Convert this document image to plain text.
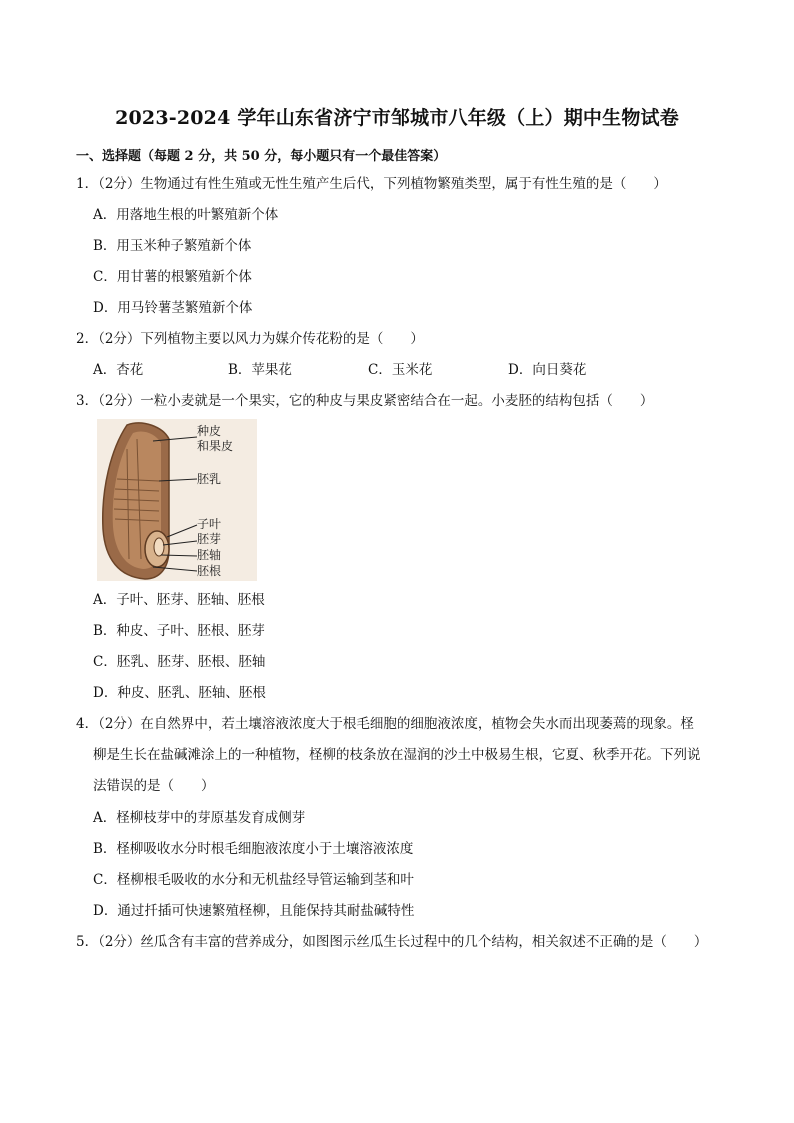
2023-2024 学年山东省济宁市邹城市八年级（上）期中生物试卷
一、选择题（每题 2 分，共 50 分，每小题只有一个最佳答案）
1．（2分）生物通过有性生殖或无性生殖产生后代，下列植物繁殖类型，属于有性生殖的是（　　）
A．用落地生根的叶繁殖新个体
B．用玉米种子繁殖新个体
C．用甘薯的根繁殖新个体
D．用马铃薯茎繁殖新个体
2．（2分）下列植物主要以风力为媒介传花粉的是（　　）
A．杏花	B．苹果花	C．玉米花	D．向日葵花
3．（2分）一粒小麦就是一个果实，它的种皮与果皮紧密结合在一起。小麦胚的结构包括（　　）
种皮
和果皮
胚乳
子叶
胚芽
胚轴
胚根
A．子叶、胚芽、胚轴、胚根
B．种皮、子叶、胚根、胚芽
C．胚乳、胚芽、胚根、胚轴
D．种皮、胚乳、胚轴、胚根
4．（2分）在自然界中，若土壤溶液浓度大于根毛细胞的细胞液浓度，植物会失水而出现萎蔫的现象。柽
柳是生长在盐碱滩涂上的一种植物，柽柳的枝条放在湿润的沙土中极易生根，它夏、秋季开花。下列说
法错误的是（　　）
A．柽柳枝芽中的芽原基发育成侧芽
B．柽柳吸收水分时根毛细胞液浓度小于土壤溶液浓度
C．柽柳根毛吸收的水分和无机盐经导管运输到茎和叶
D．通过扦插可快速繁殖柽柳，且能保持其耐盐碱特性
5．（2分）丝瓜含有丰富的营养成分，如图图示丝瓜生长过程中的几个结构，相关叙述不正确的是（　　）
